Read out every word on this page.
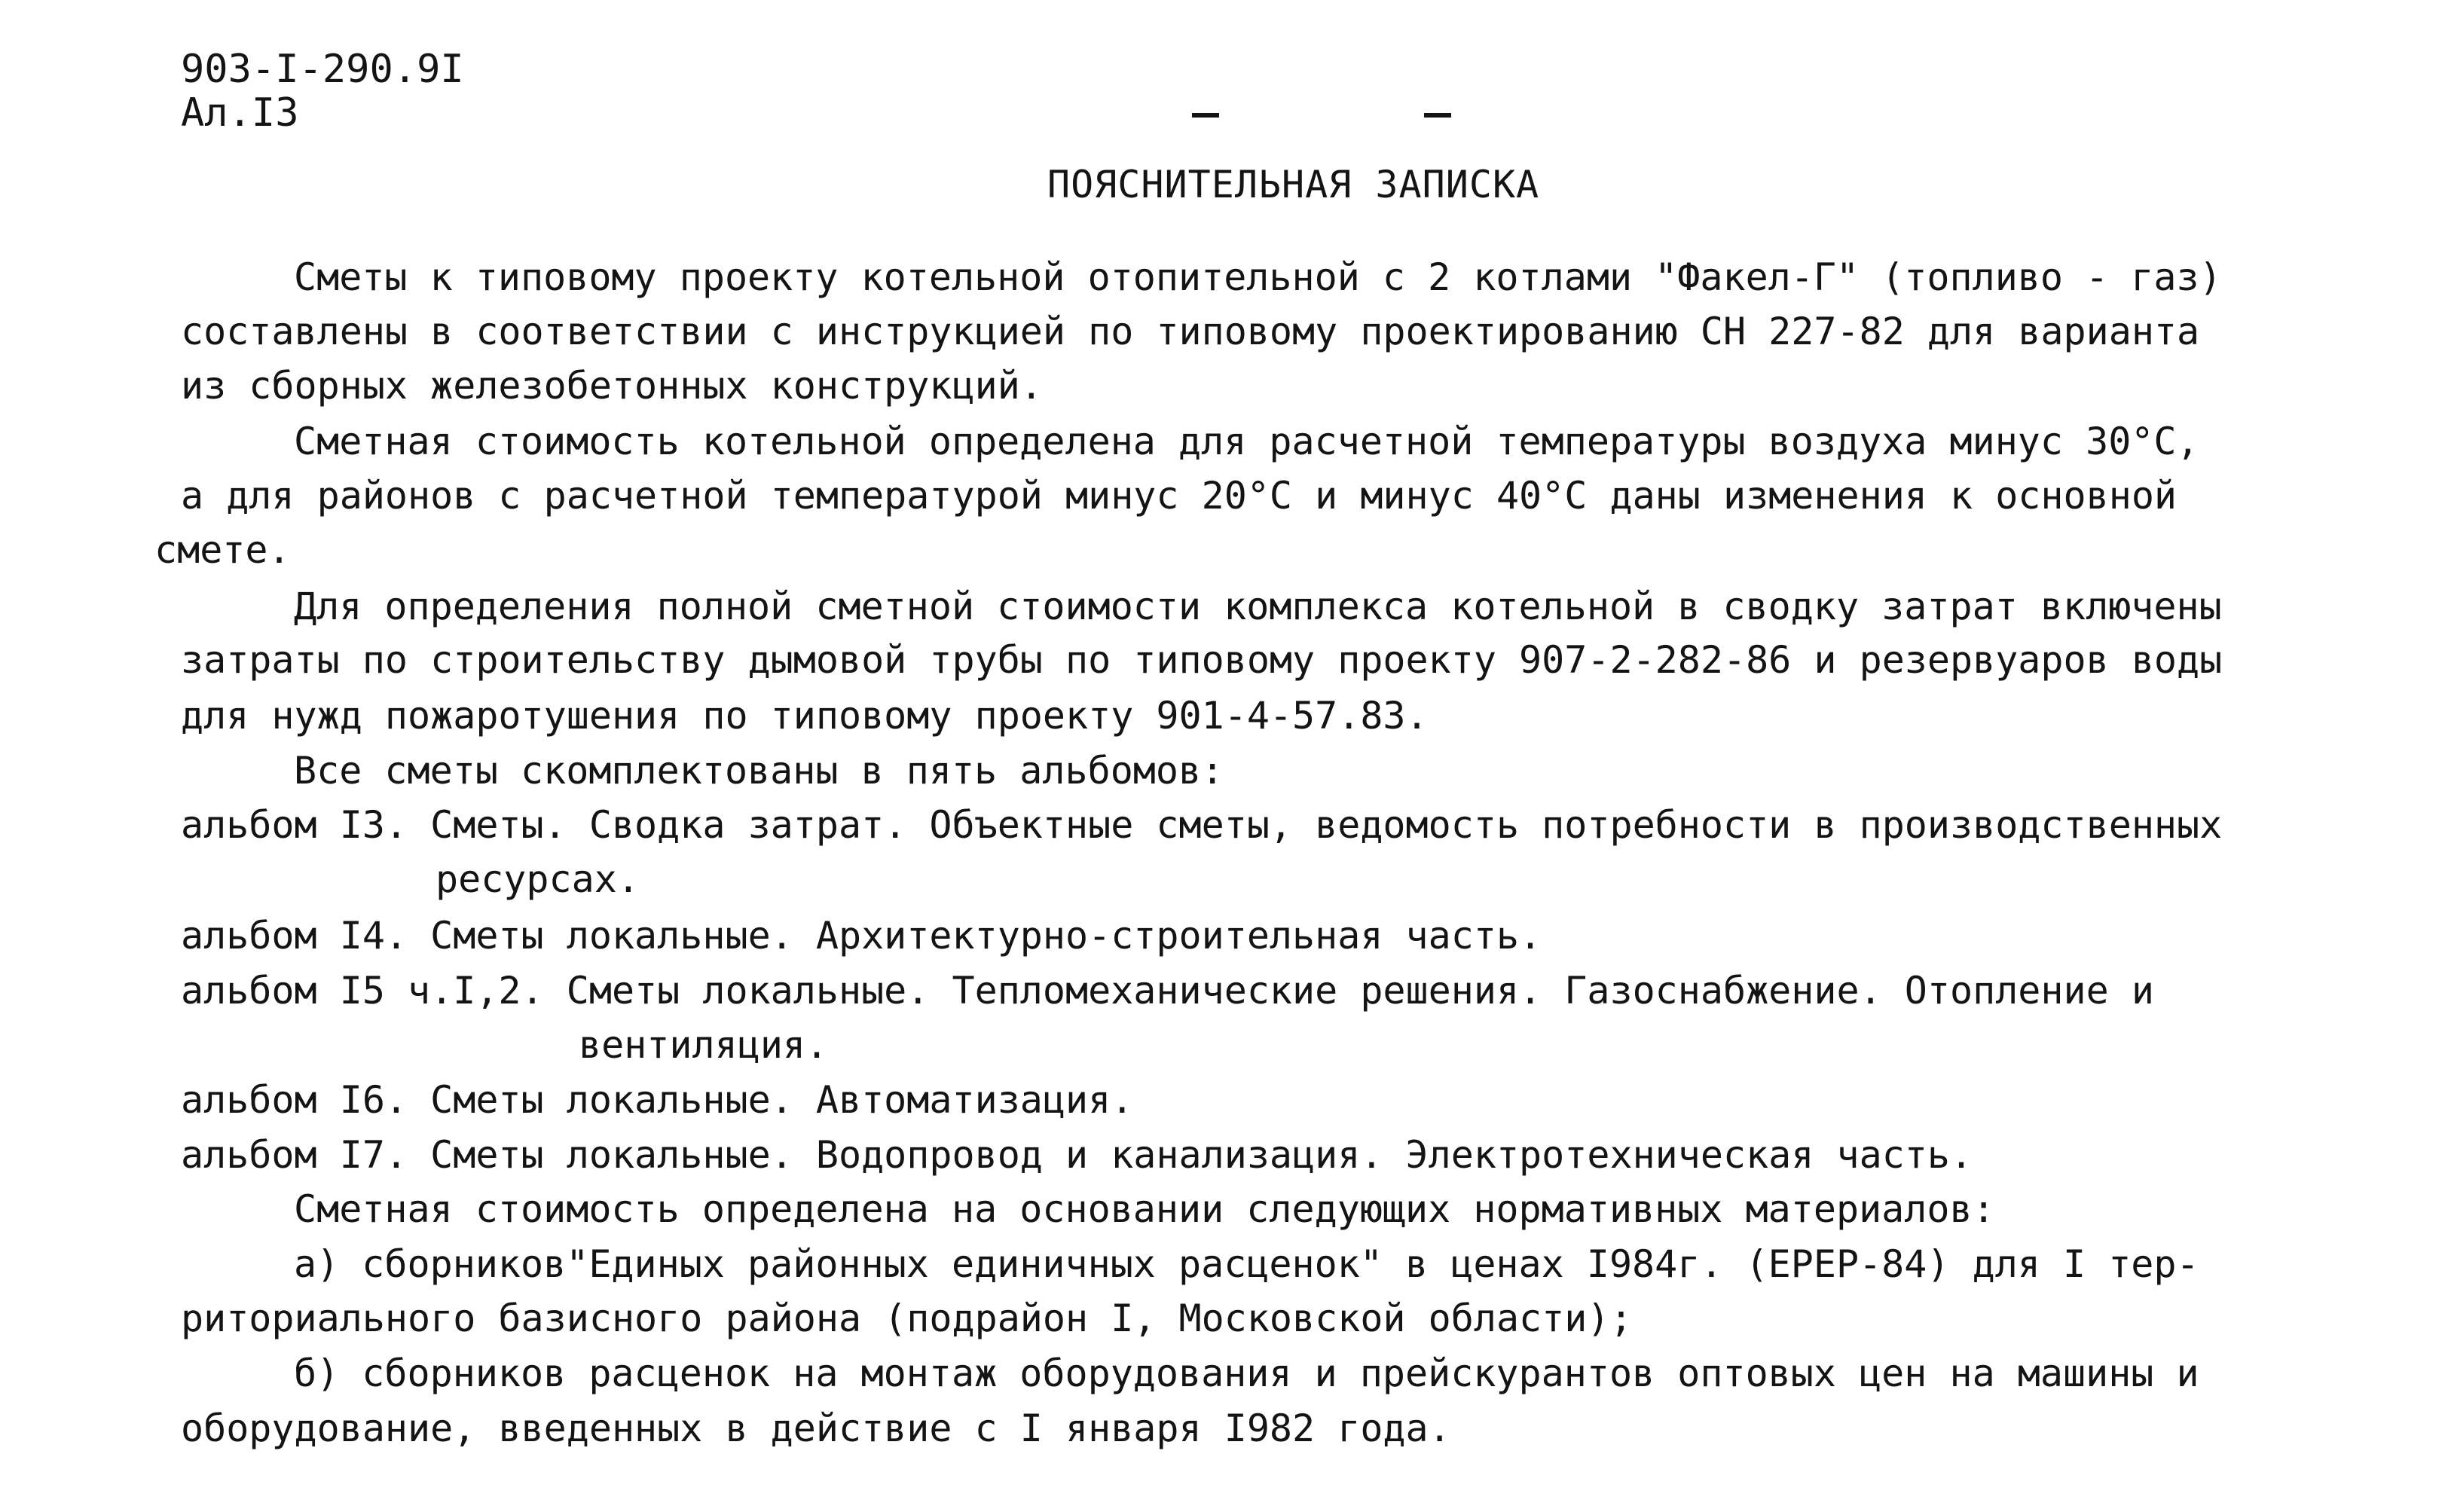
903-I-290.9I
Ал.I3
ПОЯСНИТЕЛЬНАЯ ЗАПИСКА
Сметы к типовому проекту котельной отопительной с 2 котлами "Факел-Г" (топливо - газ)
составлены в соответствии с инструкцией по типовому проектированию СН 227-82 для варианта
из сборных железобетонных конструкций.
Сметная стоимость котельной определена для расчетной температуры воздуха минус 30°С,
а для районов с расчетной температурой минус 20°С и минус 40°С даны изменения к основной
смете.
Для определения полной сметной стоимости комплекса котельной в сводку затрат включены
затраты по строительству дымовой трубы по типовому проекту 907-2-282-86 и резервуаров воды
для нужд пожаротушения по типовому проекту 901-4-57.83.
Все сметы скомплектованы в пять альбомов:
альбом I3. Сметы. Сводка затрат. Объектные сметы, ведомость потребности в производственных
ресурсах.
альбом I4. Сметы локальные. Архитектурно-строительная часть.
альбом I5 ч.I,2. Сметы локальные. Тепломеханические решения. Газоснабжение. Отопление и
вентиляция.
альбом I6. Сметы локальные. Автоматизация.
альбом I7. Сметы локальные. Водопровод и канализация. Электротехническая часть.
Сметная стоимость определена на основании следующих нормативных материалов:
а) сборников"Единых районных единичных расценок" в ценах I984г. (ЕРЕР-84) для I тер-
риториального базисного района (подрайон I, Московской области);
б) сборников расценок на монтаж оборудования и прейскурантов оптовых цен на машины и
оборудование, введенных в действие с I января I982 года.
